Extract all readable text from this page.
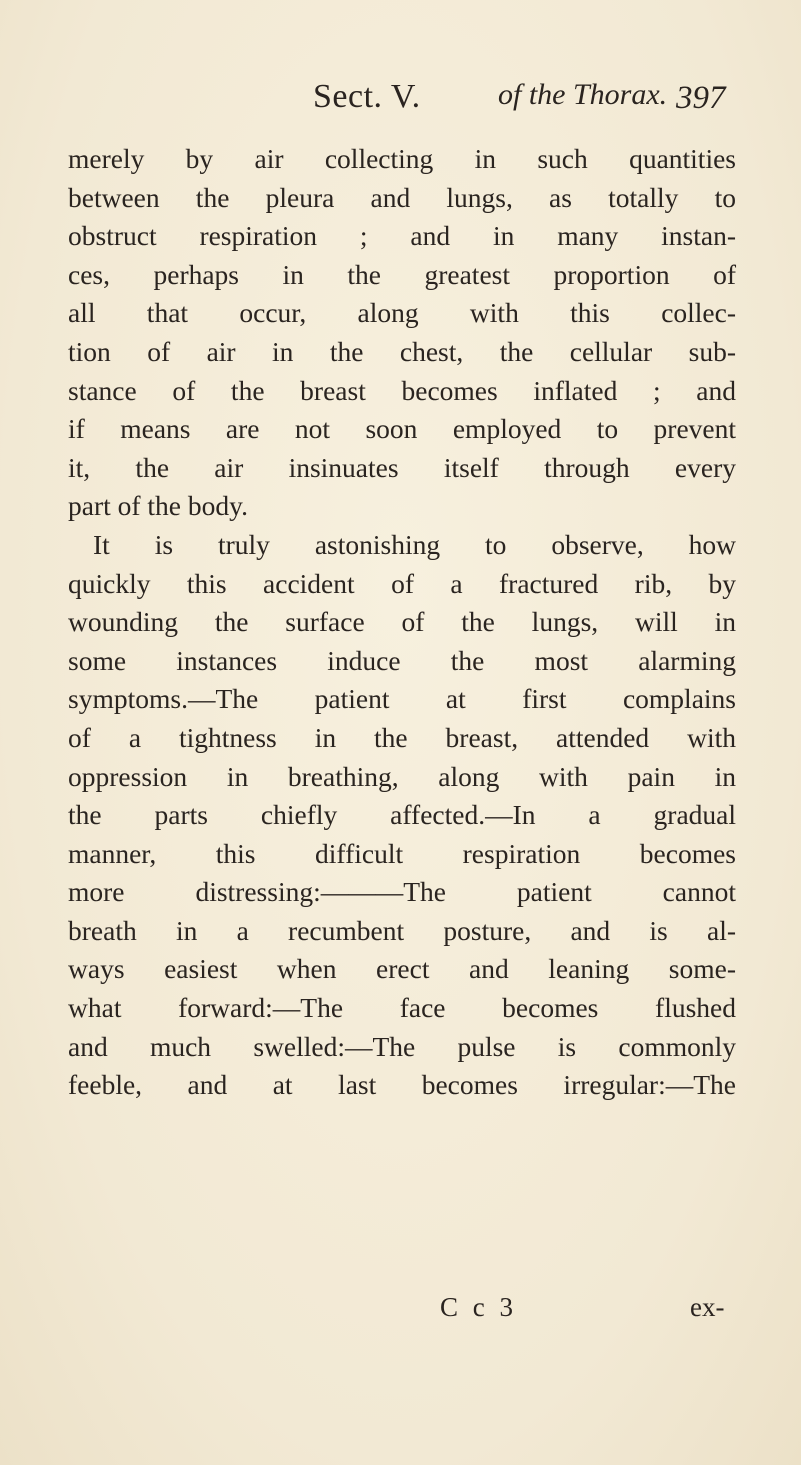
Sect. V.	of the Thorax. 397
merely by air collecting in such quantities
between the pleura and lungs, as totally to
obstruct respiration ; and in many instan-
ces, perhaps in the greatest proportion of
all that occur, along with this collec-
tion of air in the chest, the cellular sub-
stance of the breast becomes inflated ; and
if means are not soon employed to prevent
it, the air insinuates itself through every
part of the body.
It is truly astonishing to observe, how
quickly this accident of a fractured rib, by
wounding the surface of the lungs, will in
some instances induce the most alarming
symptoms.—The patient at first complains
of a tightness in the breast, attended with
oppression in breathing, along with pain in
the parts chiefly affected.—In a gradual
manner, this difficult respiration becomes
more distressing:———The patient cannot
breath in a recumbent posture, and is al-
ways easiest when erect and leaning some-
what forward:—The face becomes flushed
and much swelled:—The pulse is commonly
feeble, and at last becomes irregular:—The
C c 3	ex-
